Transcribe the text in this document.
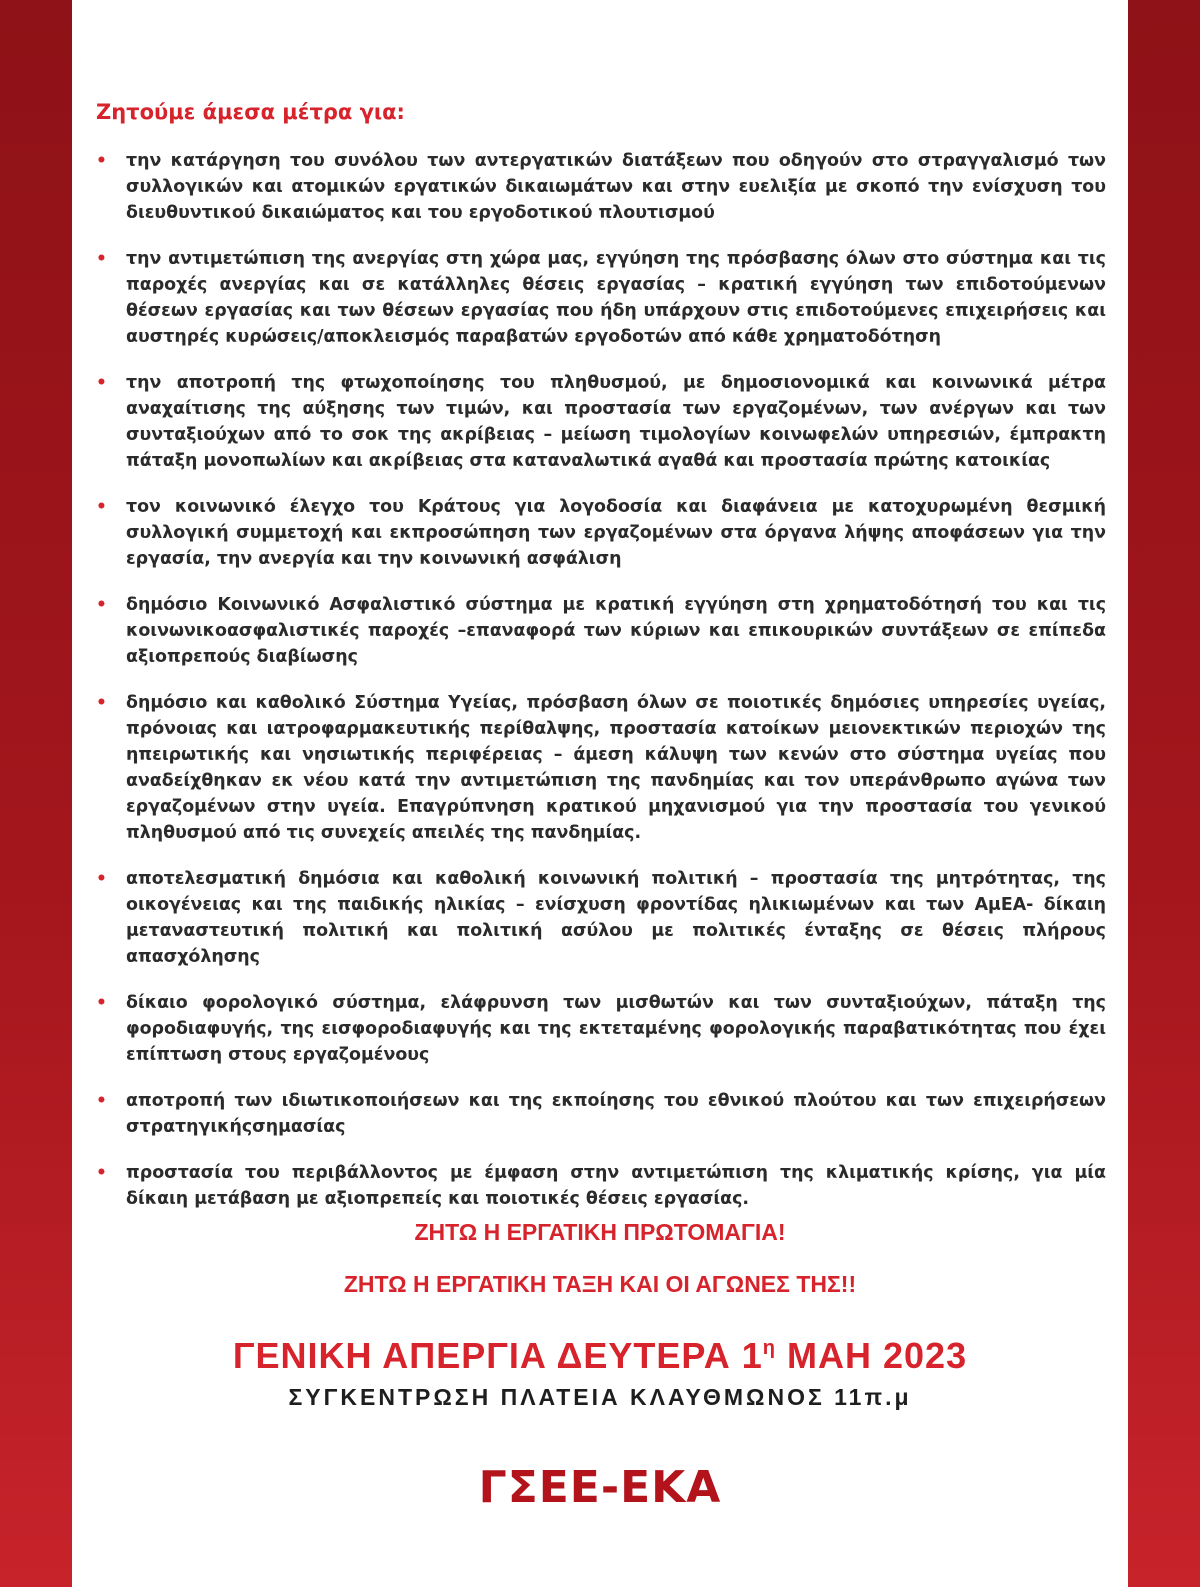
Ζητούμε άμεσα μέτρα για:
• την κατάργηση του συνόλου των αντεργατικών διατάξεων που οδηγούν στο στραγγαλισμό των συλλογικών και ατομικών εργατικών δικαιωμάτων και στην ευελιξία με σκοπό την ενίσχυση του διευθυντικού δικαιώματος και του εργοδοτικού πλουτισμού
• την αντιμετώπιση της ανεργίας στη χώρα μας, εγγύηση της πρόσβασης όλων στο σύστημα και τις παροχές ανεργίας και σε κατάλληλες θέσεις εργασίας – κρατική εγγύηση των επιδοτούμενων θέσεων εργασίας και των θέσεων εργασίας που ήδη υπάρχουν στις επιδοτούμενες επιχειρήσεις και αυστηρές κυρώσεις/αποκλεισμός παραβατών εργοδοτών από κάθε χρηματοδότηση
• την αποτροπή της φτωχοποίησης του πληθυσμού, με δημοσιονομικά και κοινωνικά μέτρα αναχαίτισης της αύξησης των τιμών, και προστασία των εργαζομένων, των ανέργων και των συνταξιούχων από το σοκ της ακρίβειας – μείωση τιμολογίων κοινωφελών υπηρεσιών, έμπρακτη πάταξη μονοπωλίων και ακρίβειας στα καταναλωτικά αγαθά και προστασία πρώτης κατοικίας
• τον κοινωνικό έλεγχο του Κράτους για λογοδοσία και διαφάνεια με κατοχυρωμένη θεσμική συλλογική συμμετοχή και εκπροσώπηση των εργαζομένων στα όργανα λήψης αποφάσεων για την εργασία, την ανεργία και την κοινωνική ασφάλιση
• δημόσιο Κοινωνικό Ασφαλιστικό σύστημα με κρατική εγγύηση στη χρηματοδότησή του και τις κοινωνικοασφαλιστικές παροχές –επαναφορά των κύριων και επικουρικών συντάξεων σε επίπεδα αξιοπρεπούς διαβίωσης
• δημόσιο και καθολικό Σύστημα Υγείας, πρόσβαση όλων σε ποιοτικές δημόσιες υπηρεσίες υγείας, πρόνοιας και ιατροφαρμακευτικής περίθαλψης, προστασία κατοίκων μειονεκτικών περιοχών της ηπειρωτικής και νησιωτικής περιφέρειας – άμεση κάλυψη των κενών στο σύστημα υγείας που αναδείχθηκαν εκ νέου κατά την αντιμετώπιση της πανδημίας και τον υπεράνθρωπο αγώνα των εργαζομένων στην υγεία. Επαγρύπνηση κρατικού μηχανισμού για την προστασία του γενικού πληθυσμού από τις συνεχείς απειλές της πανδημίας.
• αποτελεσματική δημόσια και καθολική κοινωνική πολιτική – προστασία της μητρότητας, της οικογένειας και της παιδικής ηλικίας – ενίσχυση φροντίδας ηλικιωμένων και των ΑμΕΑ- δίκαιη μεταναστευτική πολιτική και πολιτική ασύλου με πολιτικές ένταξης σε θέσεις πλήρους απασχόλησης
• δίκαιο φορολογικό σύστημα, ελάφρυνση των μισθωτών και των συνταξιούχων, πάταξη της φοροδιαφυγής, της εισφοροδιαφυγής και της εκτεταμένης φορολογικής παραβατικότητας που έχει επίπτωση στους εργαζομένους
• αποτροπή των ιδιωτικοποιήσεων και της εκποίησης του εθνικού πλούτου και των επιχειρήσεων στρατηγικήςσημασίας
• προστασία του περιβάλλοντος με έμφαση στην αντιμετώπιση της κλιματικής κρίσης, για μία δίκαιη μετάβαση με αξιοπρεπείς και ποιοτικές θέσεις εργασίας.
ΖΗΤΩ Η ΕΡΓΑΤΙΚΗ ΠΡΩΤΟΜΑΓΙΑ!
ΖΗΤΩ Η ΕΡΓΑΤΙΚΗ ΤΑΞΗ ΚΑΙ ΟΙ ΑΓΩΝΕΣ ΤΗΣ!!
ΓΕΝΙΚΗ ΑΠΕΡΓΙΑ ΔΕΥΤΕΡΑ $1^\eta$ ΜΑΗ 2023
ΣΥΓΚΕΝΤΡΩΣΗ ΠΛΑΤΕΙΑ ΚΛΑΥΘΜΩΝΟΣ 11π.μ
ΓΣΕΕ-ΕΚΑ
